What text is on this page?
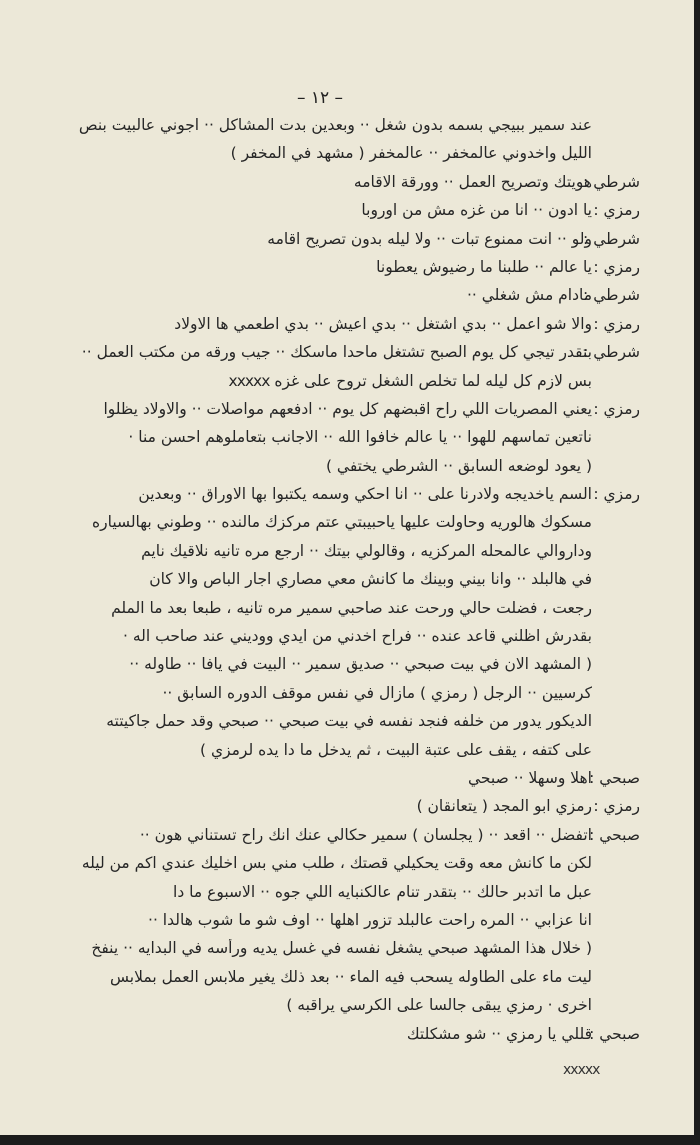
– ١٢ –
عند سمير ببيجي بسمه بدون شغل ·· وبعدين بدت المشاكل ·· اجوني عالبيت بنص
الليل واخدوني عالمخفر ·· عالمخفر ( مشهد في المخفر )
شرطي :
هويتك وتصريح العمل ·· وورقة الاقامه
رمزي :
يا ادون ·· انا من غزه مش من اوروبا
شرطي :
ولو ·· انت ممنوع تبات ·· ولا ليله بدون تصريح اقامه
رمزي :
يا عالم ·· طلبنا ما رضيوش يعطونا
شرطي :
مادام مش شغلي ··
رمزي :
والا شو اعمل ·· بدي اشتغل ·· بدي اعيش ·· بدي اطعمي ها الاولاد
شرطي :
بتقدر تيجي كل يوم الصبح تشتغل ماحدا ماسكك ·· جيب ورقه من مكتب العمل ··
بس لازم كل ليله لما تخلص الشغل تروح على غزه xxxxx
رمزي :
يعني المصريات اللي راح اقبضهم كل يوم ·· ادفعهم مواصلات ·· والاولاد يظلوا
ناتعين تماسهم للهوا ·· يا عالم خافوا الله ·· الاجانب بتعاملوهم احسن منا ·
( يعود لوضعه السابق ·· الشرطي يختفي )
رمزي :
السم ياخديجه ولادرنا على ·· انا احكي وسمه يكتبوا بها الاوراق ·· وبعدين
مسكوك هالوريه وحاولت عليها ياحبيبتي عتم مركزك مالنده ·· وطوني بهالسياره
وداروالي عالمحله المركزيه ، وقالولي بيتك ·· ارجع مره تانيه نلاقيك نايم
في هالبلد ·· وانا بيني وبينك ما كانش معي مصاري اجار الباص والا كان
رجعت ، فضلت حالي ورحت عند صاحبي سمير مره تانيه ، طبعا بعد ما الملم
بقدرش اظلني قاعد عنده ·· فراح اخدني من ايدي ووديني عند صاحب اله ·
( المشهد الان في بيت صبحي ·· صديق سمير ·· البيت في يافا ·· طاوله ··
كرسيين ·· الرجل ( رمزي ) مازال في نفس موقف الدوره السابق ··
الديكور يدور من خلفه فنجد نفسه في بيت صبحي ·· صبحي وقد حمل جاكيتته
على كتفه ، يقف على عتبة البيت ، ثم يدخل ما دا يده لرمزي )
صبحي :
اهلا وسهلا ·· صبحي
رمزي :
رمزي ابو المجد ( يتعانقان )
صبحي :
اتفضل ·· اقعد ·· ( يجلسان ) سمير حكالي عنك انك راح تستناني هون ··
لكن ما كانش معه وقت يحكيلي قصتك ، طلب مني بس اخليك عندي اكم من ليله
عبل ما اتدبر حالك ·· بتقدر تنام عالكنبايه اللي جوه ·· الاسبوع ما دا
انا عزابي ·· المره راحت عالبلد تزور اهلها ·· اوف شو ما شوب هالدا ··
( خلال هذا المشهد صبحي يشغل نفسه في غسل يديه ورأسه في البدايه ·· ينفخ
ليت ماء على الطاوله يسحب فيه الماء ·· بعد ذلك يغير ملابس العمل بملابس
اخرى · رمزي يبقى جالسا على الكرسي يراقبه )
صبحي :
قللي يا رمزي ·· شو مشكلتك
xxxxx
